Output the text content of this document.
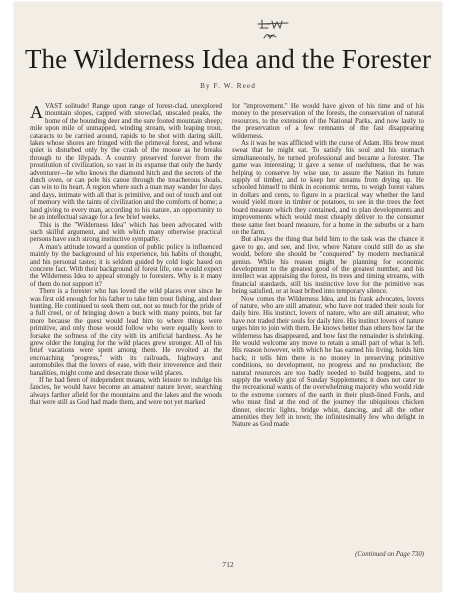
The Wilderness Idea and the Forester
By F. W. Reed

AVAST solitude! Range upon range of forest-clad, unexplored mountain slopes, capped with snowclad, unscaled peaks, the home of the bounding deer and the sure footed mountain sheep; mile upon mile of unmapped, winding stream, with leaping trout, cataracts to be carried around, rapids to be shot with daring skill, lakes whose shores are fringed with the primeval forest, and whose quiet is disturbed only by the crash of the moose as he breaks through to the lilypads. A country preserved forever from the prostitution of civilization, so vast in its expanse that only the hardy adventurer—he who knows the diamond hitch and the secrets of the dutch oven, or can pole his canoe through the treacherous shoals, can win to its heart. A region where such a man may wander for days and days, intimate with all that is primitive, and out of touch and out of memory with the taints of civilization and the comforts of home; a land giving to every man, according to his nature, an opportunity to be an intellectual savage for a few brief weeks.

This is the "Wilderness Idea" which has been advocated with such skilful argument, and with which many otherwise practical persons have such strong instinctive sympathy.

A man's attitude toward a question of public policy is influenced mainly by the background of his experience, his habits of thought, and his personal tastes; it is seldom guided by cold logic based on concrete fact. With their background of forest life, one would expect the Wilderness Idea to appeal strongly to foresters. Why is it many of them do not support it?

There is a forester who has loved the wild places ever since he was first old enough for his father to take him trout fishing, and deer hunting. He continued to seek them out, not so much for the pride of a full creel, or of bringing down a buck with many points, but far more because the quest would lead him to where things were primitive, and only those would follow who were equally keen to forsake the softness of the city with its artificial hardness. As he grew older the longing for the wild places grew stronger. All of his brief vacations were spent among them. He revolted at the encroaching "progress," with its railroads, highways and automobiles that the lovers of ease, with their irreverence and their banalities, might come and desecrate those wild places.

If he had been of independent means, with leisure to indulge his fancies, he would have become an amateur nature lover, searching always farther afield for the mountains and the lakes and the woods that were still as God had made them, and were not yet marked

for "improvement." He would have given of his time and of his money to the preservation of the forests, the conservation of natural resources, to the extension of the National Parks, and now lastly to the preservation of a few remnants of the fast disappearing wilderness.

As it was he was afflicted with the curse of Adam. His brow must sweat that he might eat. To satisfy his soul and his stomach simultaneously, he turned professional and became a forester. The game was interesting; it gave a sense of usefulness, that he was helping to conserve by wise use, to assure the Nation its future supply of timber, and to keep her streams from drying up. He schooled himself to think in economic terms, to weigh forest values in dollars and cents, to figure in a practical way whether the land would yield more in timber or potatoes, to see in the trees the feet board measure which they contained, and to plan developments and improvements which would most cheaply deliver to the consumer these same feet board measure, for a home in the suburbs or a barn on the farm.

But always the thing that held him to the task was the chance it gave to go, and see, and live, where Nature could still do as she would, before she should be "conquered" by modern mechanical genius. While his reason might be planning for economic development to the greatest good of the greatest number, and his intellect was appraising the forest, its trees and timing streams, with financial standards, still his instinctive love for the primitive was being satisfied, or at least bribed into temporary silence.

Now comes the Wilderness Idea, and its frank advocates, lovers of nature, who are still amateur, who have not traded their souls for daily hire. His instinct, lovers of nature, who are still amateur, who have not traded their souls for daily hire. His instinct lovers of nature urges him to join with them. He knows better than others how far the wilderness has disappeared, and how fast the remainder is shrinking. He would welcome any move to retain a small part of what is left. His reason however, with which he has earned his living, holds him back; it tells him there is no money in preserving primitive conditions, no development, no progress and no production; the natural resources are too badly needed to build hogpens, and to supply the weekly gist of Sunday Supplements; it does not cater to the recreational wants of the overwhelming majority who would ride to the extreme corners of the earth in their plush-lined Fords, and who must find at the end of the journey the ubiquitous chicken dinner, electric lights, bridge whist, dancing, and all the other amenities they left in town; the infinitesimally few who delight in Nature as God made

(Continued on Page 730)
712
